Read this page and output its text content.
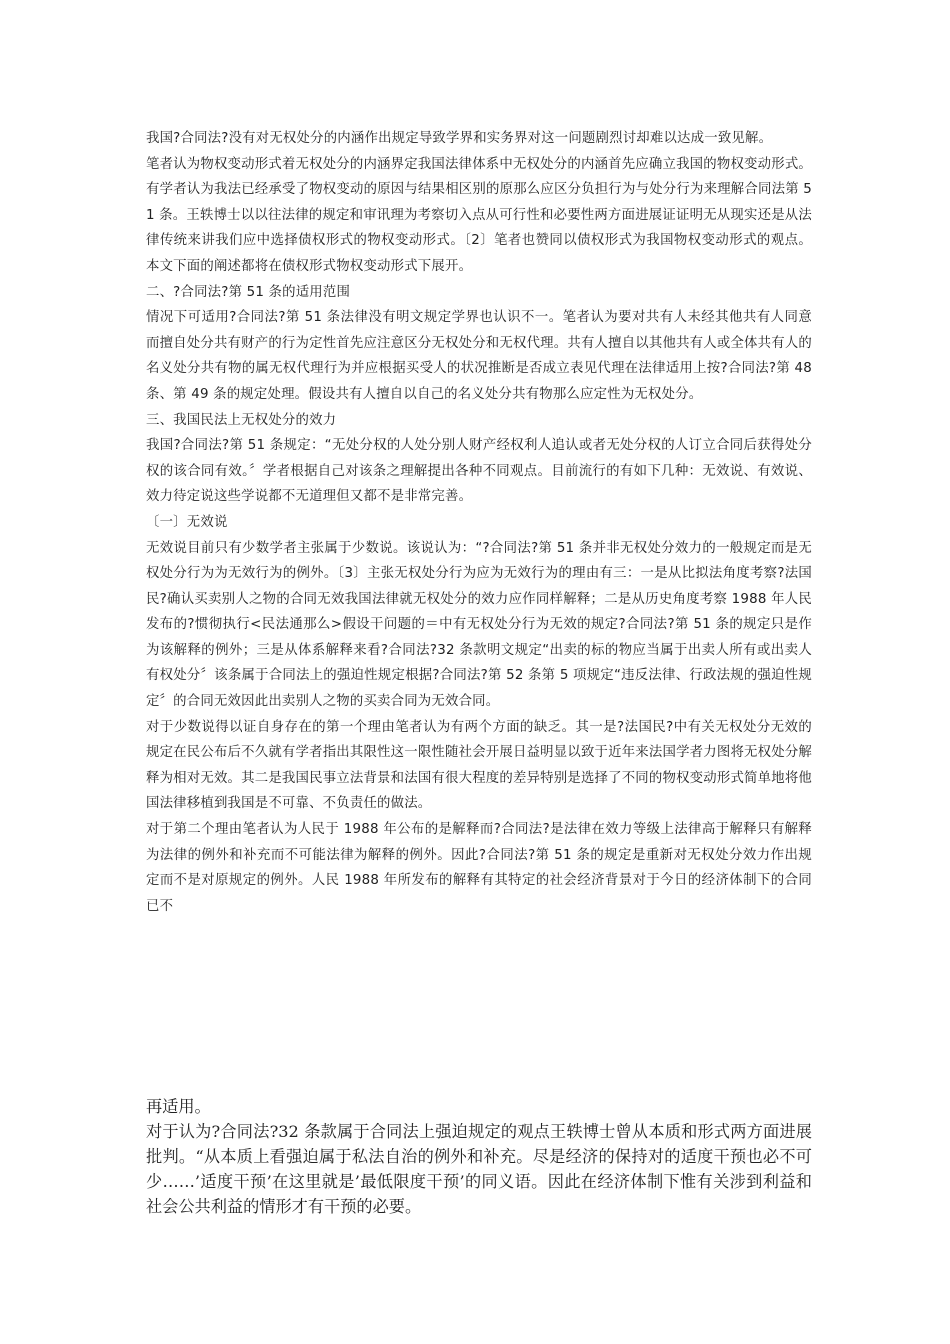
我国?合同法?没有对无权处分的内涵作出规定导致学界和实务界对这一问题剧烈讨却难以达成一致见解。

笔者认为物权变动形式着无权处分的内涵界定我国法律体系中无权处分的内涵首先应确立我国的物权变动形式。有学者认为我法已经承受了物权变动的原因与结果相区别的原那么应区分负担行为与处分行为来理解合同法第 51 条。王轶博士以以往法律的规定和审讯理为考察切入点从可行性和必要性两方面进展证证明无从现实还是从法律传统来讲我们应中选择债权形式的物权变动形式。〔2〕笔者也赞同以债权形式为我国物权变动形式的观点。 本文下面的阐述都将在债权形式物权变动形式下展开。

二、?合同法?第 51 条的适用范围

情况下可适用?合同法?第 51 条法律没有明文规定学界也认识不一。笔者认为要对共有人未经其他共有人同意而擅自处分共有财产的行为定性首先应注意区分无权处分和无权代理。共有人擅自以其他共有人或全体共有人的名义处分共有物的属无权代理行为并应根据买受人的状况推断是否成立表见代理在法律适用上按?合同法?第 48 条、第 49 条的规定处理。假设共有人擅自以自己的名义处分共有物那么应定性为无权处分。

三、我国民法上无权处分的效力

我国?合同法?第 51 条规定：“无处分权的人处分别人财产经权利人追认或者无处分权的人订立合同后获得处分权的该合同有效。〞学者根据自己对该条之理解提出各种不同观点。目前流行的有如下几种：无效说、有效说、效力待定说这些学说都不无道理但又都不是非常完善。

〔一〕无效说

无效说目前只有少数学者主张属于少数说。该说认为：“?合同法?第 51 条并非无权处分效力的一般规定而是无权处分行为为无效行为的例外。〔3〕主张无权处分行为应为无效行为的理由有三：一是从比拟法角度考察?法国民?确认买卖别人之物的合同无效我国法律就无权处分的效力应作同样解释；二是从历史角度考察 1988 年人民发布的?惯彻执行<民法通那么>假设干问题的＝中有无权处分行为无效的规定?合同法?第 51 条的规定只是作为该解释的例外；三是从体系解释来看?合同法?32 条款明文规定“出卖的标的物应当属于出卖人所有或出卖人有权处分〞该条属于合同法上的强迫性规定根据?合同法?第 52 条第 5 项规定“违反法律、行政法规的强迫性规定〞的合同无效因此出卖别人之物的买卖合同为无效合同。

对于少数说得以证自身存在的第一个理由笔者认为有两个方面的缺乏。其一是?法国民?中有关无权处分无效的规定在民公布后不久就有学者指出其限性这一限性随社会开展日益明显以致于近年来法国学者力图将无权处分解释为相对无效。其二是我国民事立法背景和法国有很大程度的差异特别是选择了不同的物权变动形式简单地将他国法律移植到我国是不可靠、不负责任的做法。

对于第二个理由笔者认为人民于 1988 年公布的是解释而?合同法?是法律在效力等级上法律高于解释只有解释为法律的例外和补充而不可能法律为解释的例外。因此?合同法?第 51 条的规定是重新对无权处分效力作出规定而不是对原规定的例外。人民 1988 年所发布的解释有其特定的社会经济背景对于今日的经济体制下的合同已不

再适用。

对于认为?合同法?32 条款属于合同法上强迫规定的观点王轶博士曾从本质和形式两方面进展批判。“从本质上看强迫属于私法自治的例外和补充。尽是经济的保持对的适度干预也必不可少……’适度干预’在这里就是’最低限度干预’的同义语。因此在经济体制下惟有关涉到利益和社会公共利益的情形才有干预的必要。
